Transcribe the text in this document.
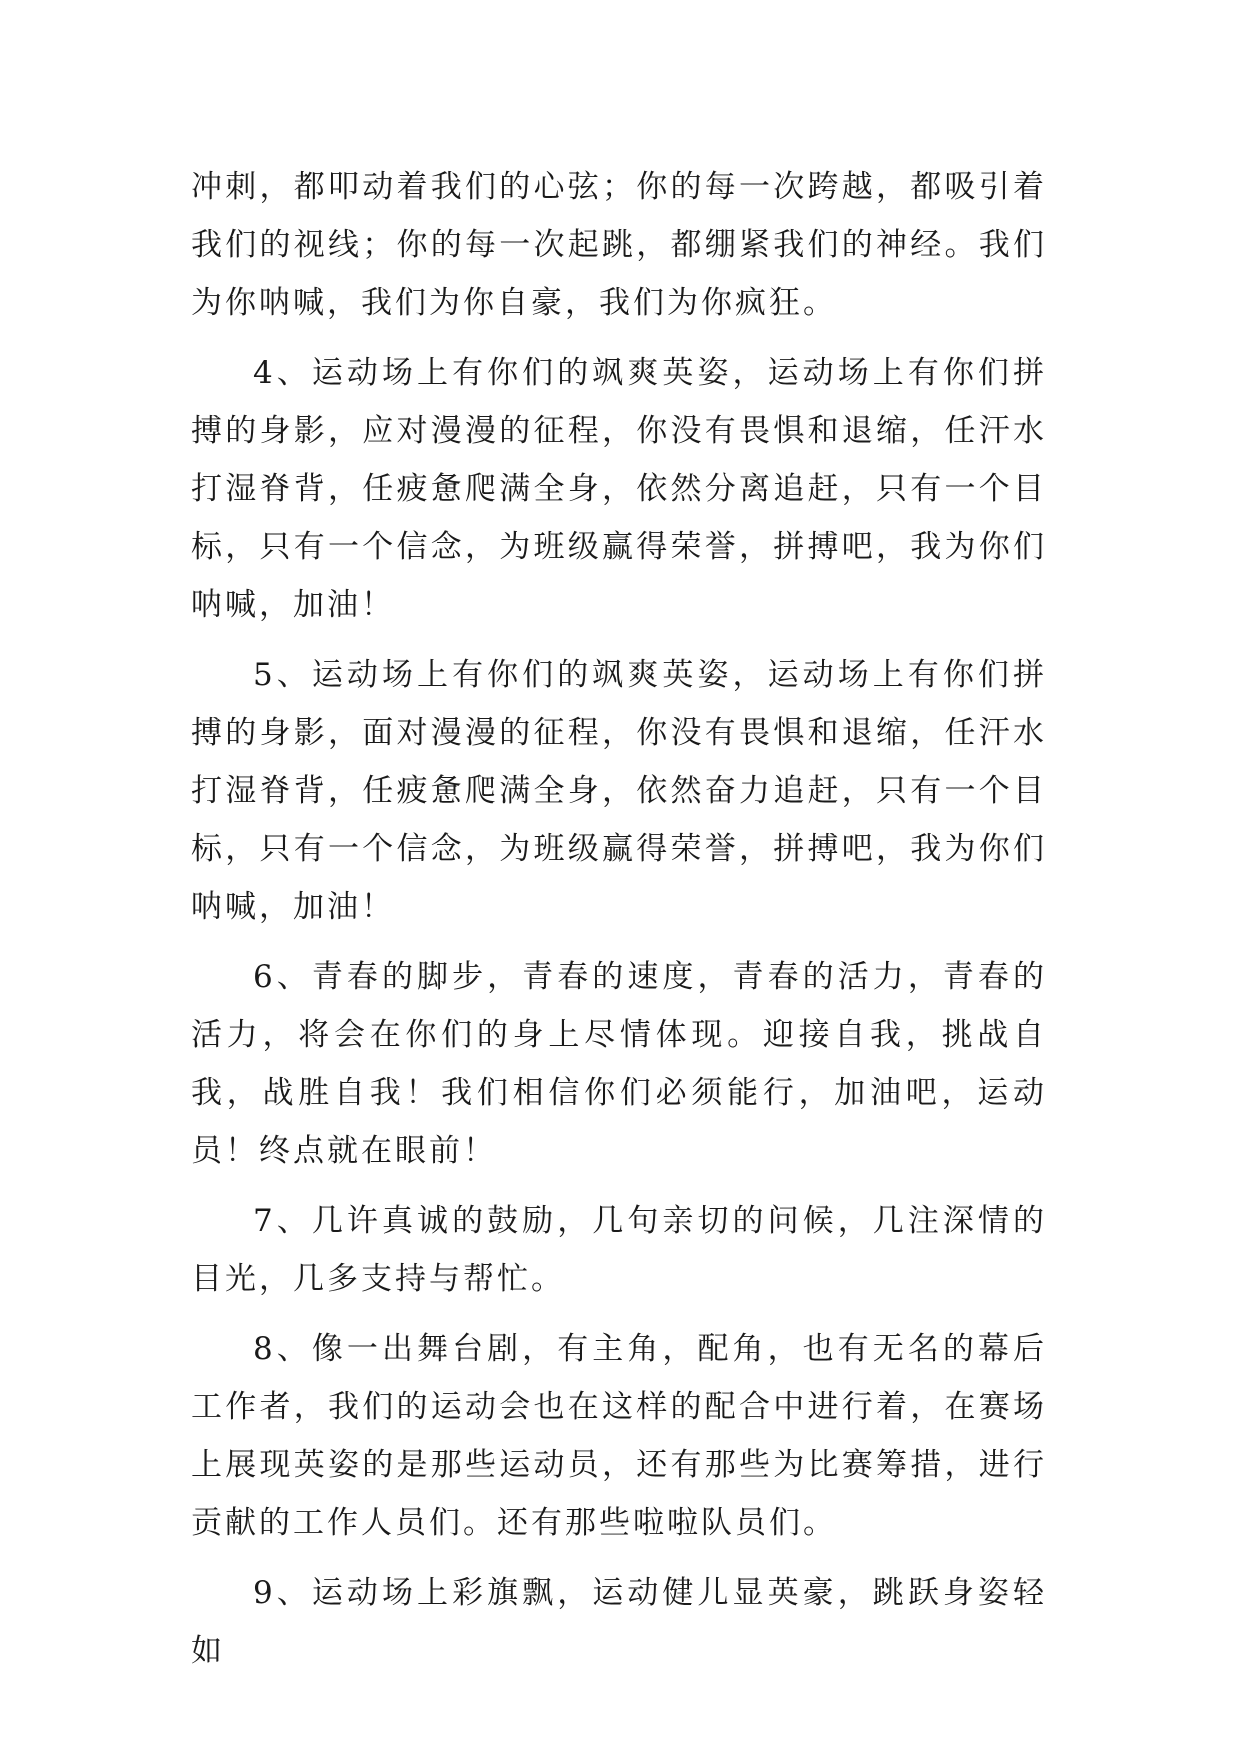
冲刺，都叩动着我们的心弦；你的每一次跨越，都吸引着我们的视线；你的每一次起跳，都绷紧我们的神经。我们为你呐喊，我们为你自豪，我们为你疯狂。

4、运动场上有你们的飒爽英姿，运动场上有你们拼搏的身影，应对漫漫的征程，你没有畏惧和退缩，任汗水打湿脊背，任疲惫爬满全身，依然分离追赶，只有一个目标，只有一个信念，为班级赢得荣誉，拼搏吧，我为你们呐喊，加油！

5、运动场上有你们的飒爽英姿，运动场上有你们拼搏的身影，面对漫漫的征程，你没有畏惧和退缩，任汗水打湿脊背，任疲惫爬满全身，依然奋力追赶，只有一个目标，只有一个信念，为班级赢得荣誉，拼搏吧，我为你们呐喊，加油！

6、青春的脚步，青春的速度，青春的活力，青春的活力，将会在你们的身上尽情体现。迎接自我，挑战自我，战胜自我！我们相信你们必须能行，加油吧，运动员！终点就在眼前！

7、几许真诚的鼓励，几句亲切的问候，几注深情的目光，几多支持与帮忙。

8、像一出舞台剧，有主角，配角，也有无名的幕后工作者，我们的运动会也在这样的配合中进行着，在赛场上展现英姿的是那些运动员，还有那些为比赛筹措，进行贡献的工作人员们。还有那些啦啦队员们。

9、运动场上彩旗飘，运动健儿显英豪，跳跃身姿轻如
